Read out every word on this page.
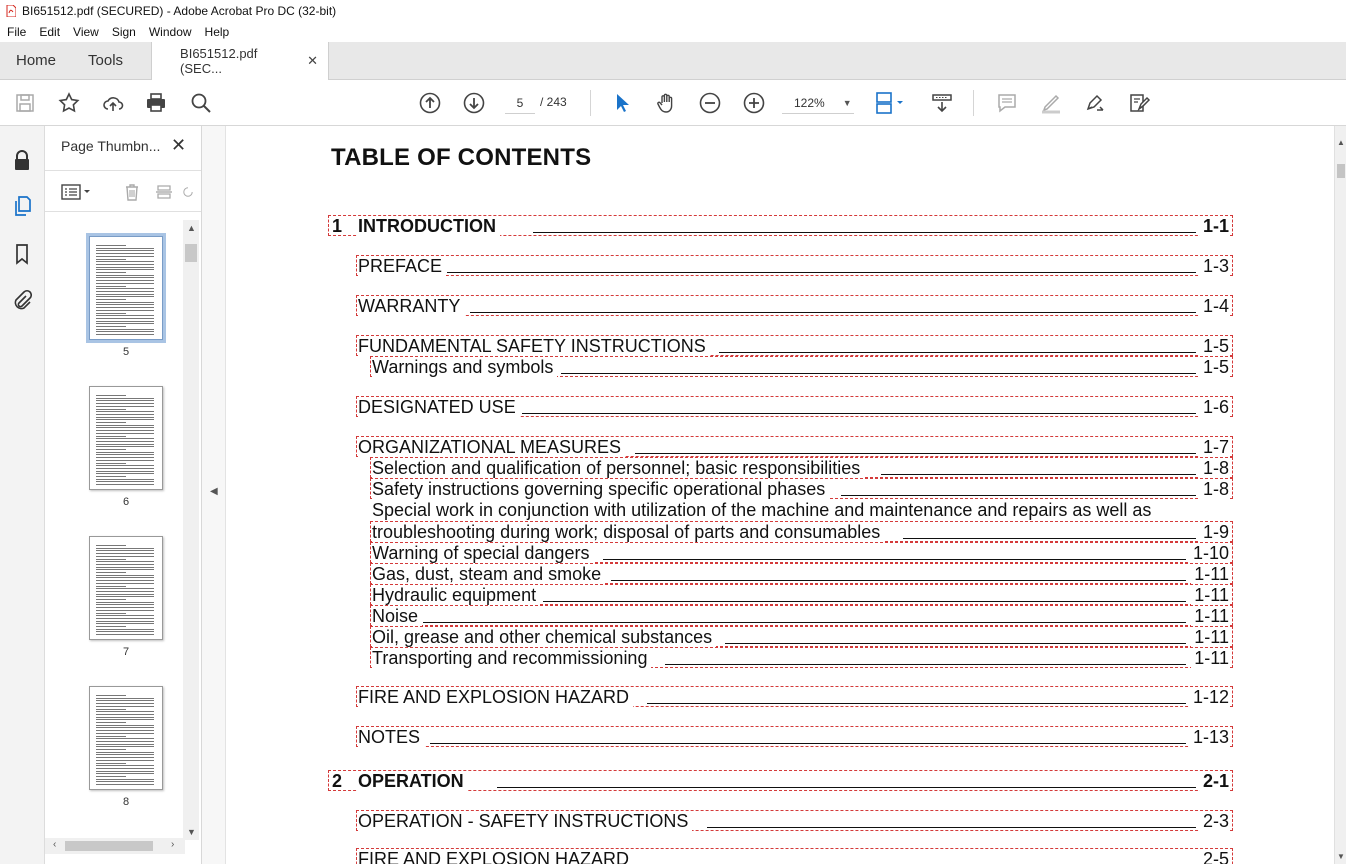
BI651512.pdf (SECURED) - Adobe Acrobat Pro DC (32-bit)
File Edit View Sign Window Help
Home	Tools	BI651512.pdf (SEC...
✕
5
/ 243	122% ▼
Page Thumbn... ✕
5
6
7
8
▲
▼
‹	›
◀
TABLE OF CONTENTS
1 INTRODUCTION	1-1
PREFACE	1-3
WARRANTY	1-4
FUNDAMENTAL SAFETY INSTRUCTIONS	1-5
Warnings and symbols	1-5
DESIGNATED USE	1-6
ORGANIZATIONAL MEASURES	1-7
Selection and qualification of personnel; basic responsibilities	1-8
Safety instructions governing specific operational phases	1-8
Special work in conjunction with utilization of the machine and maintenance and repairs as well as
troubleshooting during work; disposal of parts and consumables	1-9
Warning of special dangers	1-10
Gas, dust, steam and smoke	1-11
Hydraulic equipment	1-11
Noise	1-11
Oil, grease and other chemical substances	1-11
Transporting and recommissioning	1-11
FIRE AND EXPLOSION HAZARD	1-12
NOTES	1-13
2 OPERATION	2-1
OPERATION - SAFETY INSTRUCTIONS	2-3
FIRE AND EXPLOSION HAZARD	2-5
▲
▼
